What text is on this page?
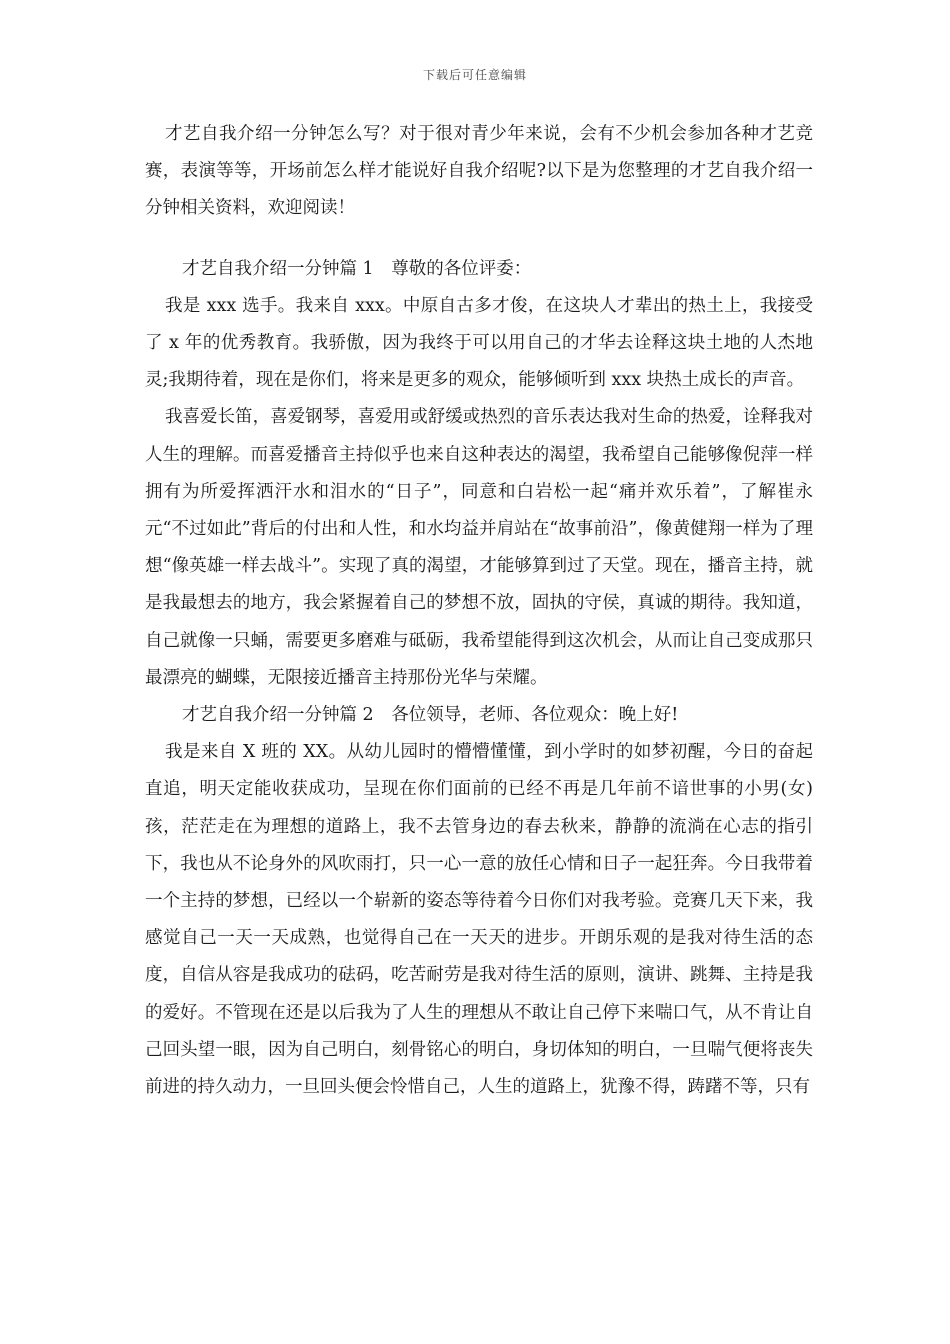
下载后可任意编辑

才艺自我介绍一分钟怎么写？对于很对青少年来说，会有不少机会参加各种才艺竞赛，表演等等，开场前怎么样才能说好自我介绍呢?以下是为您整理的才艺自我介绍一分钟相关资料，欢迎阅读！

才艺自我介绍一分钟篇 1　尊敬的各位评委：

我是 xxx 选手。我来自 xxx。中原自古多才俊，在这块人才辈出的热土上，我接受了 x 年的优秀教育。我骄傲，因为我终于可以用自己的才华去诠释这块土地的人杰地灵;我期待着，现在是你们，将来是更多的观众，能够倾听到 xxx 块热土成长的声音。

我喜爱长笛，喜爱钢琴，喜爱用或舒缓或热烈的音乐表达我对生命的热爱，诠释我对人生的理解。而喜爱播音主持似乎也来自这种表达的渴望，我希望自己能够像倪萍一样拥有为所爱挥洒汗水和泪水的“日子”，同意和白岩松一起“痛并欢乐着”，了解崔永元“不过如此”背后的付出和人性，和水均益并肩站在“故事前沿”，像黄健翔一样为了理想“像英雄一样去战斗”。实现了真的渴望，才能够算到过了天堂。现在，播音主持，就是我最想去的地方，我会紧握着自己的梦想不放，固执的守侯，真诚的期待。我知道，自己就像一只蛹，需要更多磨难与砥砺，我希望能得到这次机会，从而让自己变成那只最漂亮的蝴蝶，无限接近播音主持那份光华与荣耀。

才艺自我介绍一分钟篇 2　各位领导，老师、各位观众：晚上好!

我是来自 X 班的 XX。从幼儿园时的懵懵懂懂，到小学时的如梦初醒，今日的奋起直追，明天定能收获成功，呈现在你们面前的已经不再是几年前不谙世事的小男(女)孩，茫茫走在为理想的道路上，我不去管身边的春去秋来，静静的流淌在心志的指引下，我也从不论身外的风吹雨打，只一心一意的放任心情和日子一起狂奔。今日我带着一个主持的梦想，已经以一个崭新的姿态等待着今日你们对我考验。竞赛几天下来，我感觉自己一天一天成熟，也觉得自己在一天天的进步。开朗乐观的是我对待生活的态度，自信从容是我成功的砝码，吃苦耐劳是我对待生活的原则，演讲、跳舞、主持是我的爱好。不管现在还是以后我为了人生的理想从不敢让自己停下来喘口气，从不肯让自己回头望一眼，因为自己明白，刻骨铭心的明白，身切体知的明白，一旦喘气便将丧失前进的持久动力，一旦回头便会怜惜自己，人生的道路上，犹豫不得，踌躇不等，只有
